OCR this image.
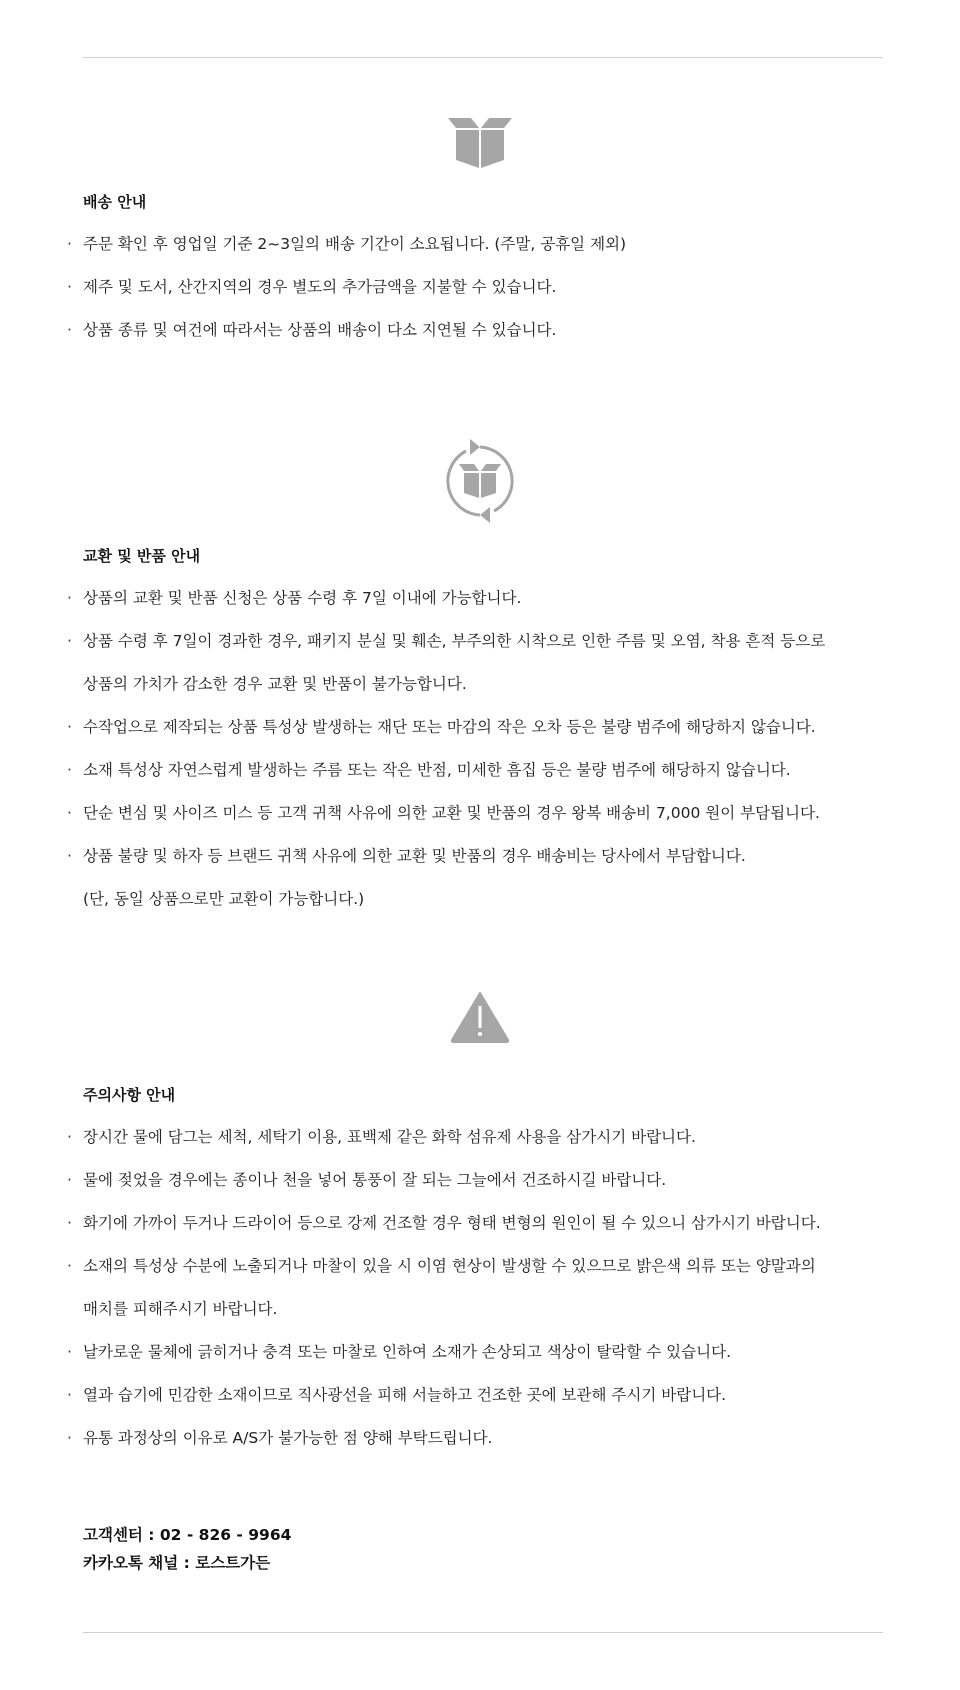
배송 안내
· 주문 확인 후 영업일 기준 2~3일의 배송 기간이 소요됩니다. (주말, 공휴일 제외)
· 제주 및 도서, 산간지역의 경우 별도의 추가금액을 지불할 수 있습니다.
· 상품 종류 및 여건에 따라서는 상품의 배송이 다소 지연될 수 있습니다.
교환 및 반품 안내
· 상품의 교환 및 반품 신청은 상품 수령 후 7일 이내에 가능합니다.
· 상품 수령 후 7일이 경과한 경우, 패키지 분실 및 훼손, 부주의한 시착으로 인한 주름 및 오염, 착용 흔적 등으로
상품의 가치가 감소한 경우 교환 및 반품이 불가능합니다.
· 수작업으로 제작되는 상품 특성상 발생하는 재단 또는 마감의 작은 오차 등은 불량 범주에 해당하지 않습니다.
· 소재 특성상 자연스럽게 발생하는 주름 또는 작은 반점, 미세한 흠집 등은 불량 범주에 해당하지 않습니다.
· 단순 변심 및 사이즈 미스 등 고객 귀책 사유에 의한 교환 및 반품의 경우 왕복 배송비 7,000 원이 부담됩니다.
· 상품 불량 및 하자 등 브랜드 귀책 사유에 의한 교환 및 반품의 경우 배송비는 당사에서 부담합니다.
(단, 동일 상품으로만 교환이 가능합니다.)
주의사항 안내
· 장시간 물에 담그는 세척, 세탁기 이용, 표백제 같은 화학 섬유제 사용을 삼가시기 바랍니다.
· 물에 젖었을 경우에는 종이나 천을 넣어 통풍이 잘 되는 그늘에서 건조하시길 바랍니다.
· 화기에 가까이 두거나 드라이어 등으로 강제 건조할 경우 형태 변형의 원인이 될 수 있으니 삼가시기 바랍니다.
· 소재의 특성상 수분에 노출되거나 마찰이 있을 시 이염 현상이 발생할 수 있으므로 밝은색 의류 또는 양말과의
매치를 피해주시기 바랍니다.
· 날카로운 물체에 긁히거나 충격 또는 마찰로 인하여 소재가 손상되고 색상이 탈락할 수 있습니다.
· 열과 습기에 민감한 소재이므로 직사광선을 피해 서늘하고 건조한 곳에 보관해 주시기 바랍니다.
· 유통 과정상의 이유로 A/S가 불가능한 점 양해 부탁드립니다.
고객센터 : 02 - 826 - 9964
카카오톡 채널 : 로스트가든
